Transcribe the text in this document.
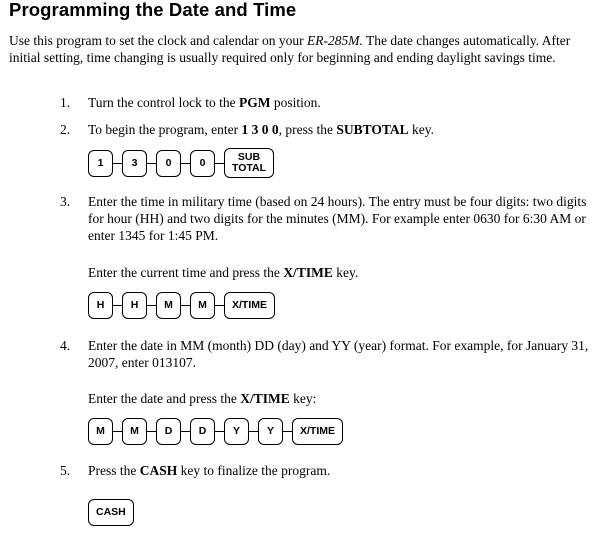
Programming the Date and Time
Use this program to set the clock and calendar on your ER-285M. The date changes automatically. After initial setting, time changing is usually required only for beginning and ending daylight savings time.
1.	Turn the control lock to the PGM position.
2.	To begin the program, enter 1 3 0 0, press the SUBTOTAL key.
1	3	0	0	SUB
TOTAL
3.	Enter the time in military time (based on 24 hours). The entry must be four digits: two digits for hour (HH) and two digits for the minutes (MM). For example enter 0630 for 6:30 AM or enter 1345 for 1:45 PM.
Enter the current time and press the X/TIME key.
H	H	M	M	X/TIME
4.	Enter the date in MM (month) DD (day) and YY (year) format. For example, for January 31, 2007, enter 013107.
Enter the date and press the X/TIME key:
M	M	D	D	Y	Y	X/TIME
5.	Press the CASH key to finalize the program.
CASH
